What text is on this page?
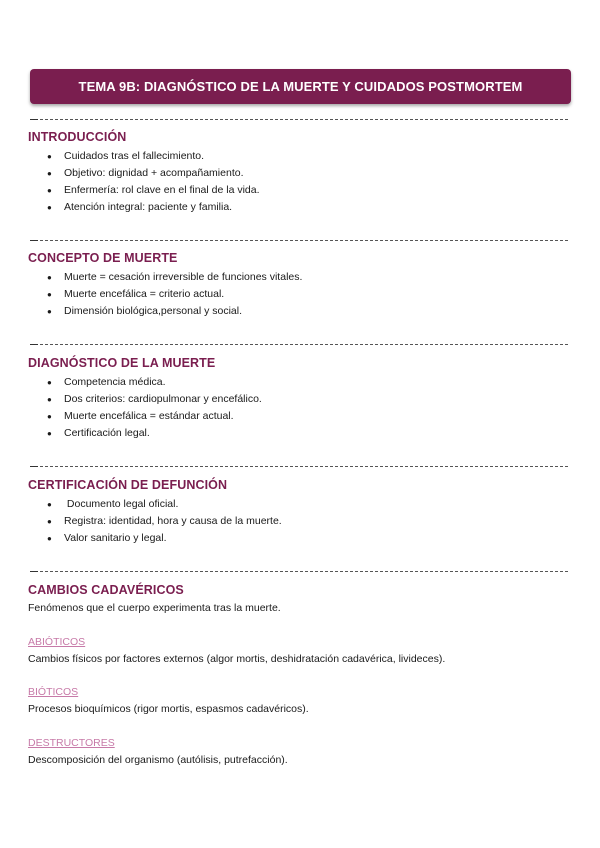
TEMA 9B: DIAGNÓSTICO DE LA MUERTE Y CUIDADOS POSTMORTEM
INTRODUCCIÓN
● Cuidados tras el fallecimiento.
● Objetivo: dignidad + acompañamiento.
● Enfermería: rol clave en el final de la vida.
● Atención integral: paciente y familia.
CONCEPTO DE MUERTE
● Muerte = cesación irreversible de funciones vitales.
● Muerte encefálica = criterio actual.
● Dimensión biológica,personal y social.
DIAGNÓSTICO DE LA MUERTE
● Competencia médica.
● Dos criterios: cardiopulmonar y encefálico.
● Muerte encefálica = estándar actual.
● Certificación legal.
CERTIFICACIÓN DE DEFUNCIÓN
●  Documento legal oficial.
● Registra: identidad, hora y causa de la muerte.
● Valor sanitario y legal.
CAMBIOS CADAVÉRICOS

Fenómenos que el cuerpo experimenta tras la muerte.

ABIÓTICOS
Cambios físicos por factores externos (algor mortis, deshidratación cadavérica, livideces).
BIÓTICOS
Procesos bioquímicos (rigor mortis, espasmos cadavéricos).
DESTRUCTORES
Descomposición del organismo (autólisis, putrefacción).
